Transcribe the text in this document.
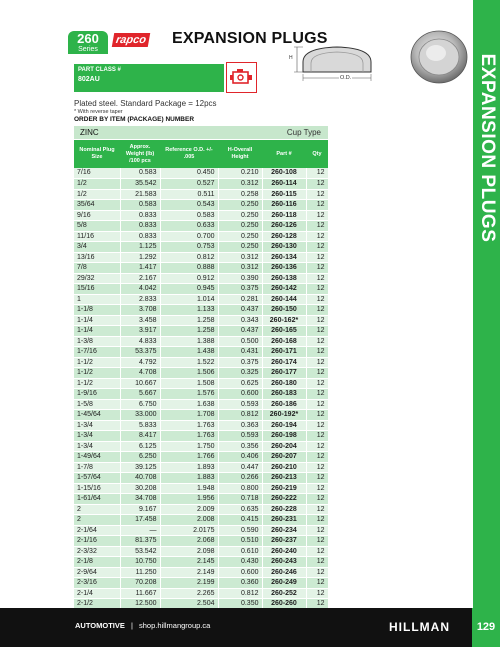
EXPANSION PLUGS
260
Series
rapco EXPANSION PLUGS
PART CLASS #
802AU
H
O.D.
Plated steel. Standard Package = 12pcs
* With reverse taper
ORDER BY ITEM (PACKAGE) NUMBER
ZINC	Cup Type
Nominal Plug Size	Approx. Weight (lb) /100 pcs	Reference O.D. +/- .005	H-Overall Height	Part #	Qty
7/16	0.583	0.450	0.210	260-108	12
1/2	35.542	0.527	0.312	260-114	12
1/2	21.583	0.511	0.258	260-115	12
35/64	0.583	0.543	0.250	260-116	12
9/16	0.833	0.583	0.250	260-118	12
5/8	0.833	0.633	0.250	260-126	12
11/16	0.833	0.700	0.250	260-128	12
3/4	1.125	0.753	0.250	260-130	12
13/16	1.292	0.812	0.312	260-134	12
7/8	1.417	0.888	0.312	260-136	12
29/32	2.167	0.912	0.390	260-138	12
15/16	4.042	0.945	0.375	260-142	12
1	2.833	1.014	0.281	260-144	12
1-1/8	3.708	1.133	0.437	260-150	12
1-1/4	3.458	1.258	0.343	260-162*	12
1-1/4	3.917	1.258	0.437	260-165	12
1-3/8	4.833	1.388	0.500	260-168	12
1-7/16	53.375	1.438	0.431	260-171	12
1-1/2	4.792	1.522	0.375	260-174	12
1-1/2	4.708	1.506	0.325	260-177	12
1-1/2	10.667	1.508	0.625	260-180	12
1-9/16	5.667	1.576	0.600	260-183	12
1-5/8	6.750	1.638	0.593	260-186	12
1-45/64	33.000	1.708	0.812	260-192*	12
1-3/4	5.833	1.763	0.363	260-194	12
1-3/4	8.417	1.763	0.593	260-198	12
1-3/4	6.125	1.750	0.356	260-204	12
1-49/64	6.250	1.766	0.406	260-207	12
1-7/8	39.125	1.893	0.447	260-210	12
1-57/64	40.708	1.883	0.266	260-213	12
1-15/16	30.208	1.948	0.800	260-219	12
1-61/64	34.708	1.956	0.718	260-222	12
2	9.167	2.009	0.635	260-228	12
2	17.458	2.008	0.415	260-231	12
2-1/64	—	2.0175	0.590	260-234	12
2-1/16	81.375	2.068	0.510	260-237	12
2-3/32	53.542	2.098	0.610	260-240	12
2-1/8	10.750	2.145	0.430	260-243	12
2-9/64	11.250	2.149	0.600	260-246	12
2-3/16	70.208	2.199	0.360	260-249	12
2-1/4	11.667	2.265	0.812	260-252	12
2-1/2	12.500	2.504	0.350	260-260	12
AUTOMOTIVE | shop.hillmangroup.ca	HILLMAN	129
